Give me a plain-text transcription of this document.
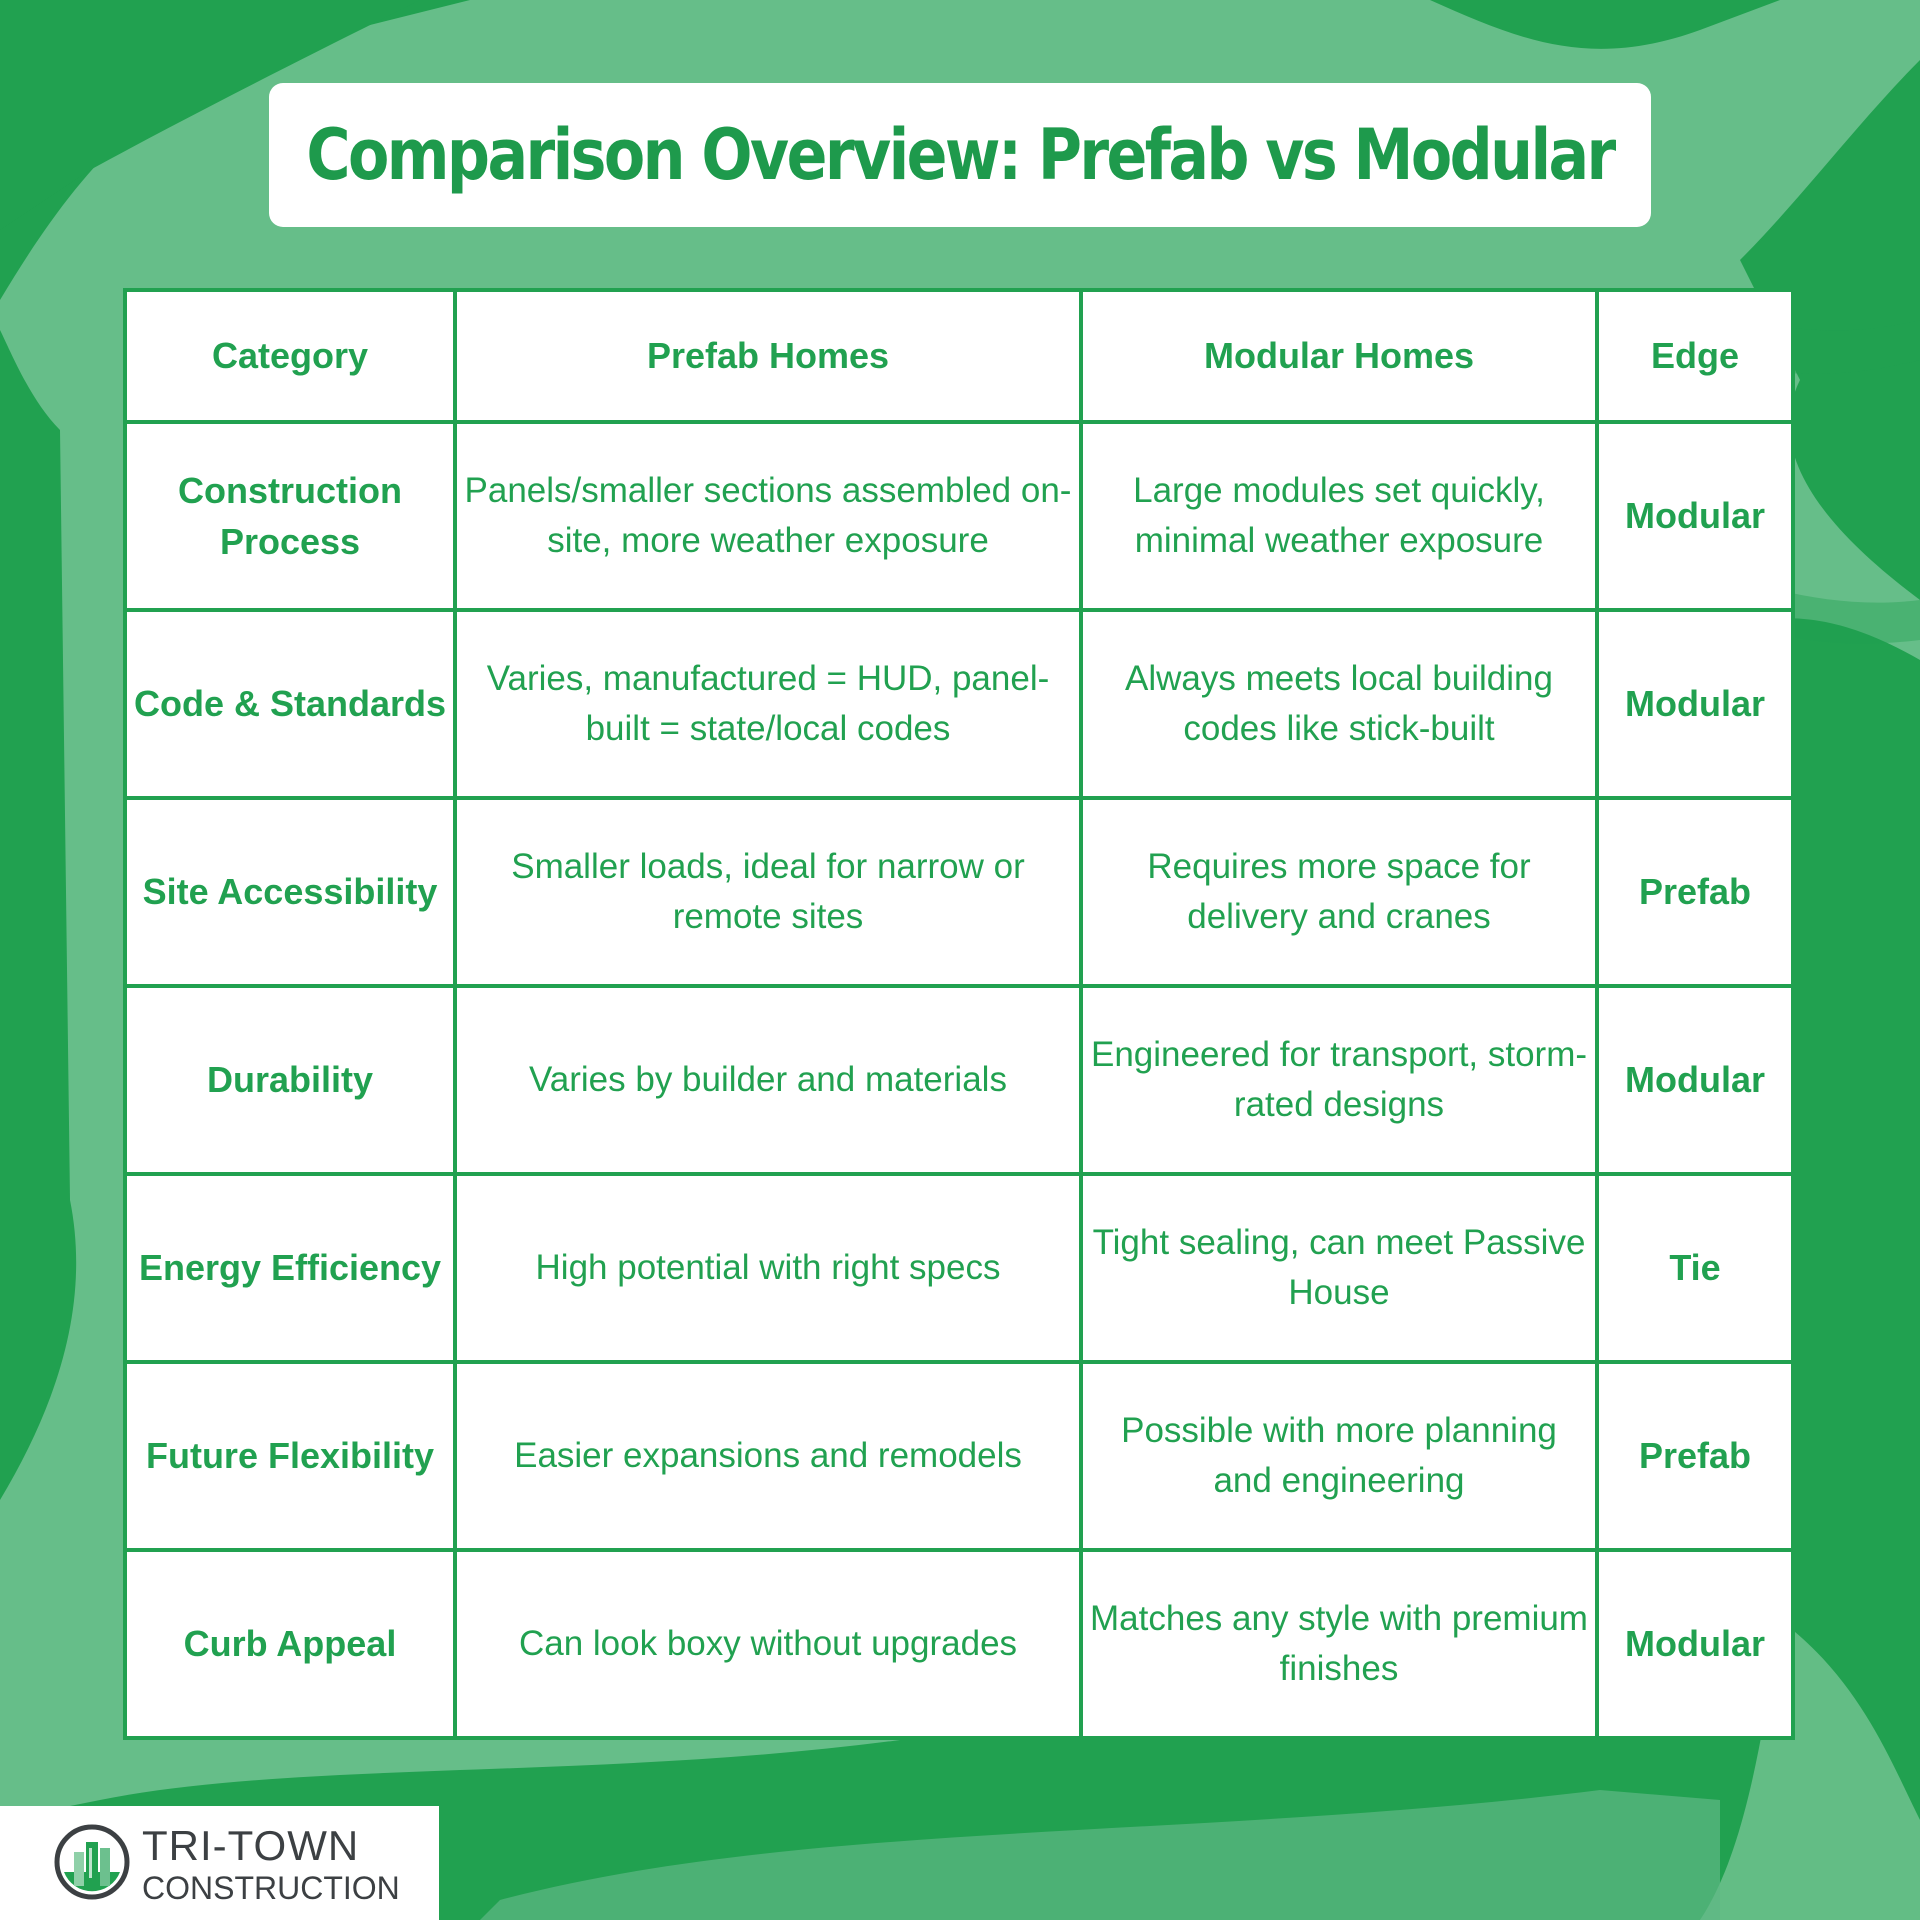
Comparison Overview: Prefab vs Modular
Category	Prefab Homes	Modular Homes	Edge
Construction Process	Panels/smaller sections assembled on-site, more weather exposure	Large modules set quickly, minimal weather exposure	Modular
Code & Standards	Varies, manufactured = HUD, panel-built = state/local codes	Always meets local building codes like stick-built	Modular
Site Accessibility	Smaller loads, ideal for narrow or remote sites	Requires more space for delivery and cranes	Prefab
Durability	Varies by builder and materials	Engineered for transport, storm-rated designs	Modular
Energy Efficiency	High potential with right specs	Tight sealing, can meet Passive House	Tie
Future Flexibility	Easier expansions and remodels	Possible with more planning and engineering	Prefab
Curb Appeal	Can look boxy without upgrades	Matches any style with premium finishes	Modular
TRI-TOWN
CONSTRUCTION
